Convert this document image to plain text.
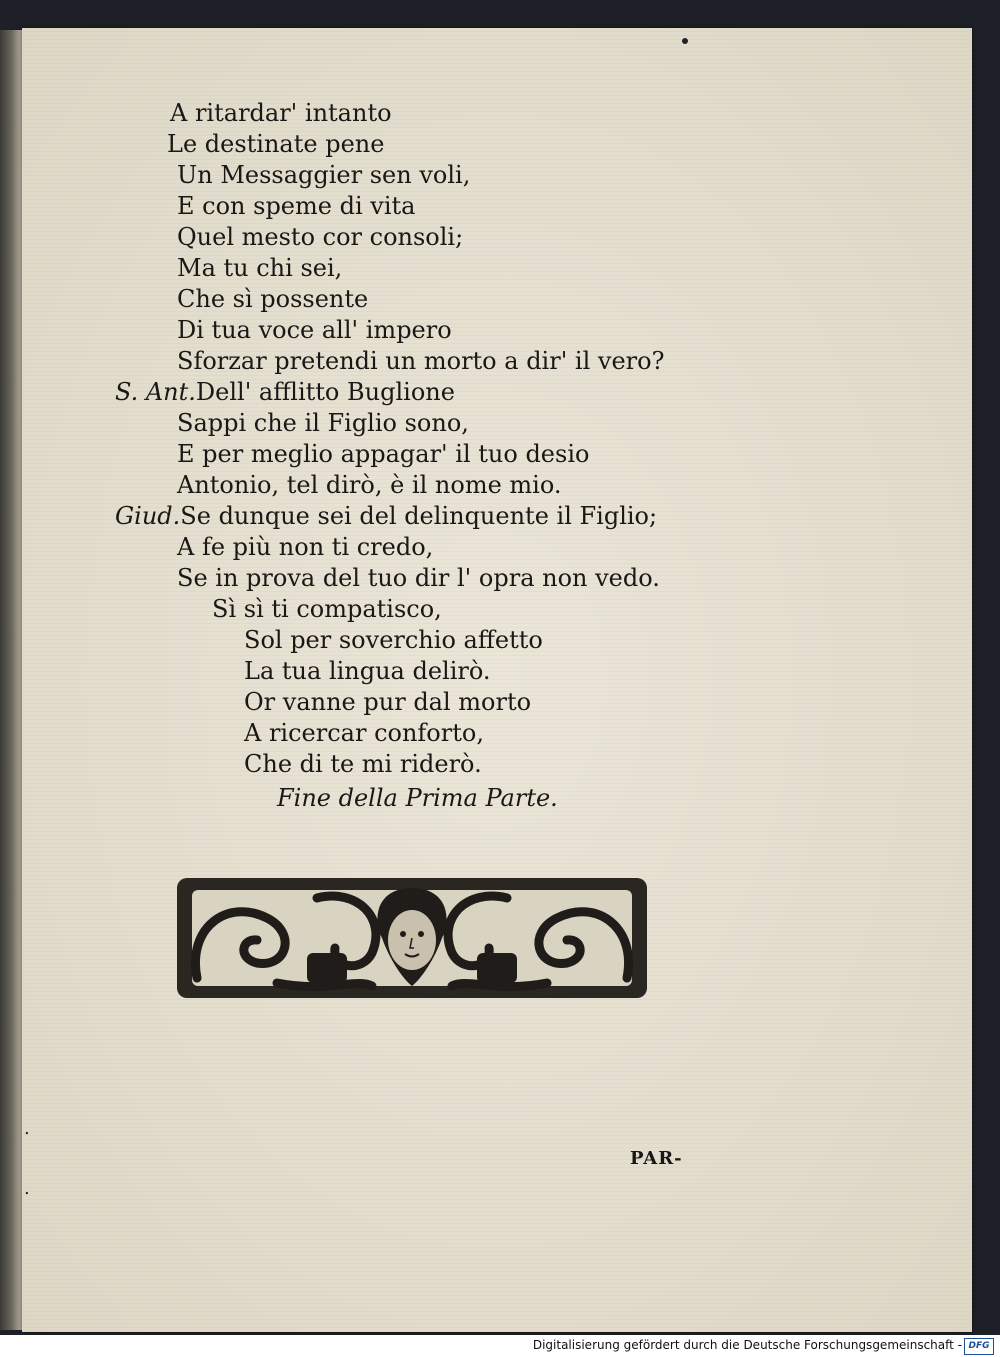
.
.
A ritardar' intanto
Le destinate pene
Un Messaggier sen voli,
E con speme di vita
Quel mesto cor consoli;
Ma tu chi sei,
Che sì possente
Di tua voce all' impero
Sforzar pretendi un morto a dir' il vero?
S. Ant.Dell' afflitto Buglione
Sappi che il Figlio sono,
E per meglio appagar' il tuo desio
Antonio, tel dirò, è il nome mio.
Giud.Se dunque sei del delinquente il Figlio;
A fe più non ti credo,
Se in prova del tuo dir l' opra non vedo.
Sì sì ti compatisco,
Sol per soverchio affetto
La tua lingua delirò.
Or vanne pur dal morto
A ricercar conforto,
Che di te mi riderò.
Fine della Prima Parte.
PAR-
Digitalisierung gefördert durch die Deutsche Forschungsgemeinschaft - DFG
